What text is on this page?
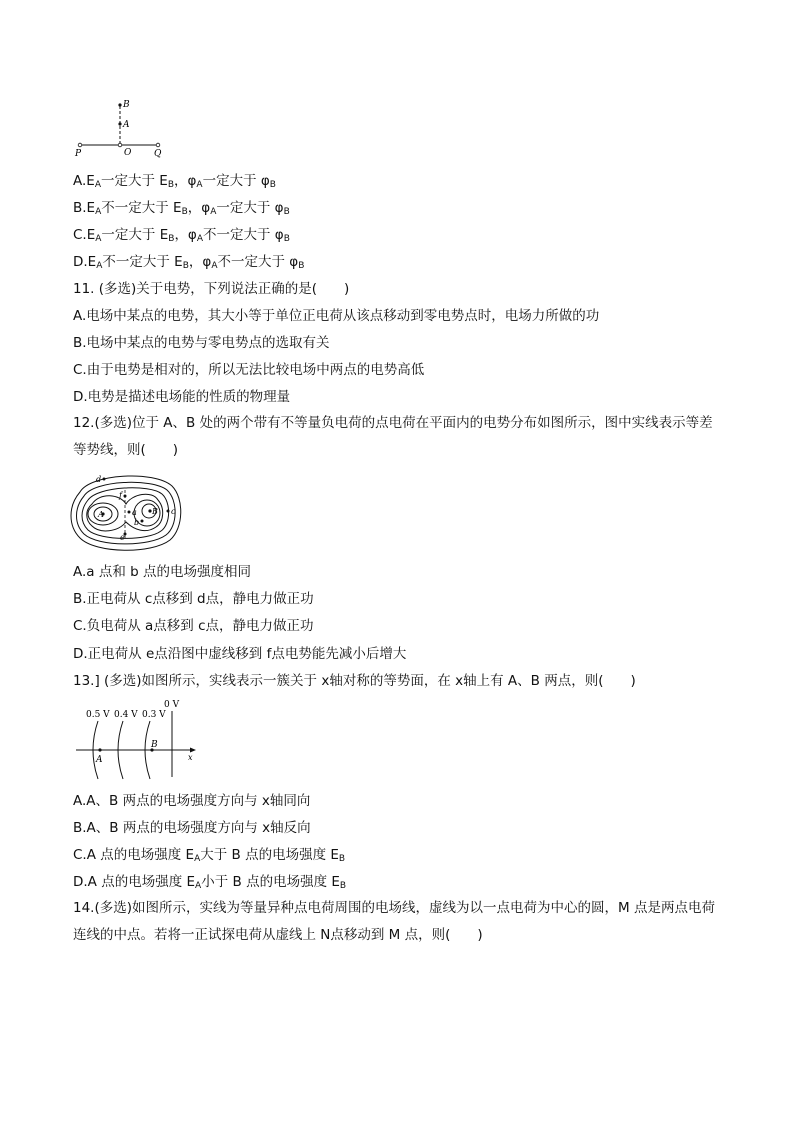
B
A
P	O	Q
$A.E_A$一定大于 $E_B$，$\varphi_A$一定大于 $\varphi_B$
$B.E_A$不一定大于 $E_B$，$\varphi_A$一定大于 $\varphi_B$
$C.E_A$一定大于 $E_B$，$\varphi_A$不一定大于 $\varphi_B$
$D.E_A$不一定大于 $E_B$，$\varphi_A$不一定大于 $\varphi_B$
11. (多选)关于电势，下列说法正确的是(　　)
A.电场中某点的电势，其大小等于单位正电荷从该点移动到零电势点时，电场力所做的功
B.电场中某点的电势与零电势点的选取有关
C.由于电势是相对的，所以无法比较电场中两点的电势高低
D.电势是描述电场能的性质的物理量
12.(多选)位于 A、B 处的两个带有不等量负电荷的点电荷在平面内的电势分布如图所示，图中实线表示等差等势线，则(　　)
d
f
a
A	B
b
c
e
A.a 点和 b 点的电场强度相同
B.正电荷从 c点移到 d点，静电力做正功
C.负电荷从 a点移到 c点，静电力做正功
D.正电荷从 e点沿图中虚线移到 f点电势能先减小后增大
13.] (多选)如图所示，实线表示一簇关于 x轴对称的等势面，在 x轴上有 A、B 两点，则(　　)
0.5 V 0.4 V 0.3 V
0 V
A
B
x
A.A、B 两点的电场强度方向与 x轴同向
B.A、B 两点的电场强度方向与 x轴反向
C.A 点的电场强度 $E_A$大于 B 点的电场强度 $E_B$
D.A 点的电场强度 $E_A$小于 B 点的电场强度 $E_B$
14.(多选)如图所示，实线为等量异种点电荷周围的电场线，虚线为以一点电荷为中心的圆，M 点是两点电荷连线的中点。若将一正试探电荷从虚线上 N点移动到 M 点，则(　　)
